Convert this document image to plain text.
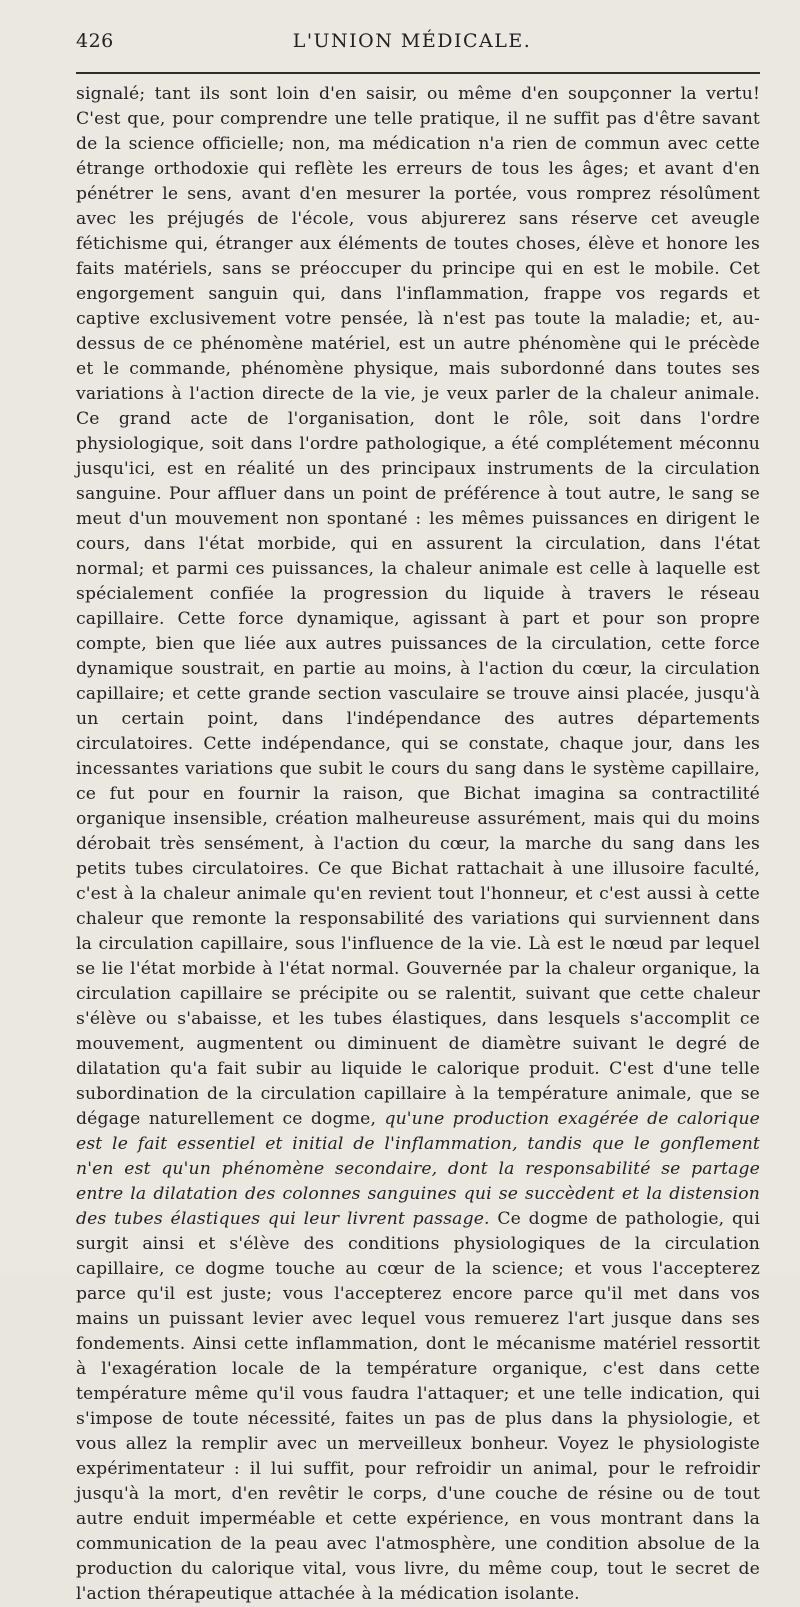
426	L'UNION MÉDICALE.

signalé; tant ils sont loin d'en saisir, ou même d'en soupçonner la vertu! C'est que, pour comprendre une telle pratique, il ne suffit pas d'être savant de la science officielle; non, ma médication n'a rien de commun avec cette étrange orthodoxie qui reflète les erreurs de tous les âges; et avant d'en pénétrer le sens, avant d'en mesurer la portée, vous romprez résolûment avec les préjugés de l'école, vous abjurerez sans réserve cet aveugle fétichisme qui, étranger aux éléments de toutes choses, élève et honore les faits matériels, sans se préoccuper du principe qui en est le mobile. Cet engorgement sanguin qui, dans l'inflammation, frappe vos regards et captive exclusivement votre pensée, là n'est pas toute la maladie; et, au-dessus de ce phénomène matériel, est un autre phénomène qui le précède et le commande, phénomène physique, mais subordonné dans toutes ses variations à l'action directe de la vie, je veux parler de la chaleur animale. Ce grand acte de l'organisation, dont le rôle, soit dans l'ordre physiologique, soit dans l'ordre pathologique, a été complétement méconnu jusqu'ici, est en réalité un des principaux instruments de la circulation sanguine. Pour affluer dans un point de préférence à tout autre, le sang se meut d'un mouvement non spontané : les mêmes puissances en dirigent le cours, dans l'état morbide, qui en assurent la circulation, dans l'état normal; et parmi ces puissances, la chaleur animale est celle à laquelle est spécialement confiée la progression du liquide à travers le réseau capillaire. Cette force dynamique, agissant à part et pour son propre compte, bien que liée aux autres puissances de la circulation, cette force dynamique soustrait, en partie au moins, à l'action du cœur, la circulation capillaire; et cette grande section vasculaire se trouve ainsi placée, jusqu'à un certain point, dans l'indépendance des autres départements circulatoires. Cette indépendance, qui se constate, chaque jour, dans les incessantes variations que subit le cours du sang dans le système capillaire, ce fut pour en fournir la raison, que Bichat imagina sa contractilité organique insensible, création malheureuse assurément, mais qui du moins dérobait très sensément, à l'action du cœur, la marche du sang dans les petits tubes circulatoires. Ce que Bichat rattachait à une illusoire faculté, c'est à la chaleur animale qu'en revient tout l'honneur, et c'est aussi à cette chaleur que remonte la responsabilité des variations qui surviennent dans la circulation capillaire, sous l'influence de la vie. Là est le nœud par lequel se lie l'état morbide à l'état normal. Gouvernée par la chaleur organique, la circulation capillaire se précipite ou se ralentit, suivant que cette chaleur s'élève ou s'abaisse, et les tubes élastiques, dans lesquels s'accomplit ce mouvement, augmentent ou diminuent de diamètre suivant le degré de dilatation qu'a fait subir au liquide le calorique produit. C'est d'une telle subordination de la circulation capillaire à la température animale, que se dégage naturellement ce dogme, qu'une production exagérée de calorique est le fait essentiel et initial de l'inflammation, tandis que le gonflement n'en est qu'un phénomène secondaire, dont la responsabilité se partage entre la dilatation des colonnes sanguines qui se succèdent et la distension des tubes élastiques qui leur livrent passage. Ce dogme de pathologie, qui surgit ainsi et s'élève des conditions physiologiques de la circulation capillaire, ce dogme touche au cœur de la science; et vous l'accepterez parce qu'il est juste; vous l'accepterez encore parce qu'il met dans vos mains un puissant levier avec lequel vous remuerez l'art jusque dans ses fondements. Ainsi cette inflammation, dont le mécanisme matériel ressortit à l'exagération locale de la température organique, c'est dans cette température même qu'il vous faudra l'attaquer; et une telle indication, qui s'impose de toute nécessité, faites un pas de plus dans la physiologie, et vous allez la remplir avec un merveilleux bonheur. Voyez le physiologiste expérimentateur : il lui suffit, pour refroidir un animal, pour le refroidir jusqu'à la mort, d'en revêtir le corps, d'une couche de résine ou de tout autre enduit imperméable et cette expérience, en vous montrant dans la communication de la peau avec l'atmosphère, une condition absolue de la production du calorique vital, vous livre, du même coup, tout le secret de l'action thérapeutique attachée à la médication isolante.
